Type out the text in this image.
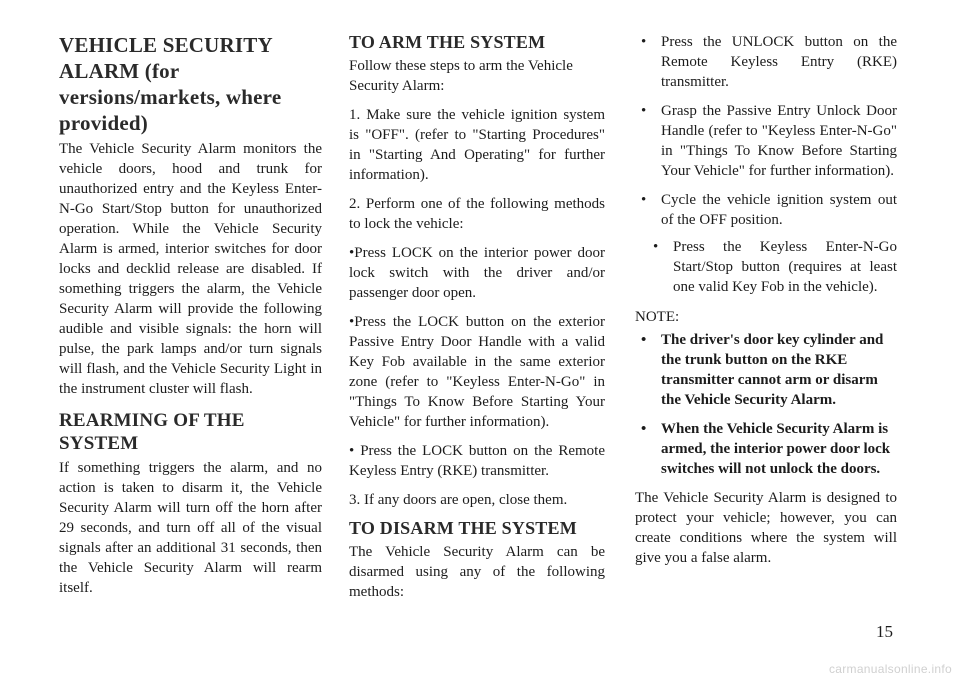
VEHICLE SECURITY ALARM (for versions/markets, where provided)

The Vehicle Security Alarm monitors the vehicle doors, hood and trunk for unauthorized entry and the Keyless Enter-N-Go Start/Stop button for unauthorized operation. While the Vehicle Security Alarm is armed, interior switches for door locks and decklid release are disabled. If something triggers the alarm, the Vehicle Security Alarm will provide the following audible and visible signals: the horn will pulse, the park lamps and/or turn signals will flash, and the Vehicle Security Light in the instrument cluster will flash.

REARMING OF THE SYSTEM

If something triggers the alarm, and no action is taken to disarm it, the Vehicle Security Alarm will turn off the horn after 29 seconds, and turn off all of the visual signals after an additional 31 seconds, then the Vehicle Security Alarm will rearm itself.

TO ARM THE SYSTEM

Follow these steps to arm the Vehicle Security Alarm:

1. Make sure the vehicle ignition system is "OFF". (refer to "Starting Procedures" in "Starting And Operating" for further information).

2. Perform one of the following methods to lock the vehicle:

•Press LOCK on the interior power door lock switch with the driver and/or passenger door open.

•Press the LOCK button on the exterior Passive Entry Door Handle with a valid Key Fob available in the same exterior zone (refer to "Keyless Enter-N-Go" in "Things To Know Before Starting Your Vehicle" for further information).

• Press the LOCK button on the Remote Keyless Entry (RKE) transmitter.

3. If any doors are open, close them.

TO DISARM THE SYSTEM

The Vehicle Security Alarm can be disarmed using any of the following methods:

• Press the UNLOCK button on the Remote Keyless Entry (RKE) transmitter.
• Grasp the Passive Entry Unlock Door Handle (refer to "Keyless Enter-N-Go" in "Things To Know Before Starting Your Vehicle" for further information).
• Cycle the vehicle ignition system out of the OFF position.
• Press the Keyless Enter-N-Go Start/Stop button (requires at least one valid Key Fob in the vehicle).
NOTE:
• The driver's door key cylinder and the trunk button on the RKE transmitter cannot arm or disarm the Vehicle Security Alarm.
• When the Vehicle Security Alarm is armed, the interior power door lock switches will not unlock the doors.

The Vehicle Security Alarm is designed to protect your vehicle; however, you can create conditions where the system will give you a false alarm.

15
carmanualsonline.info
